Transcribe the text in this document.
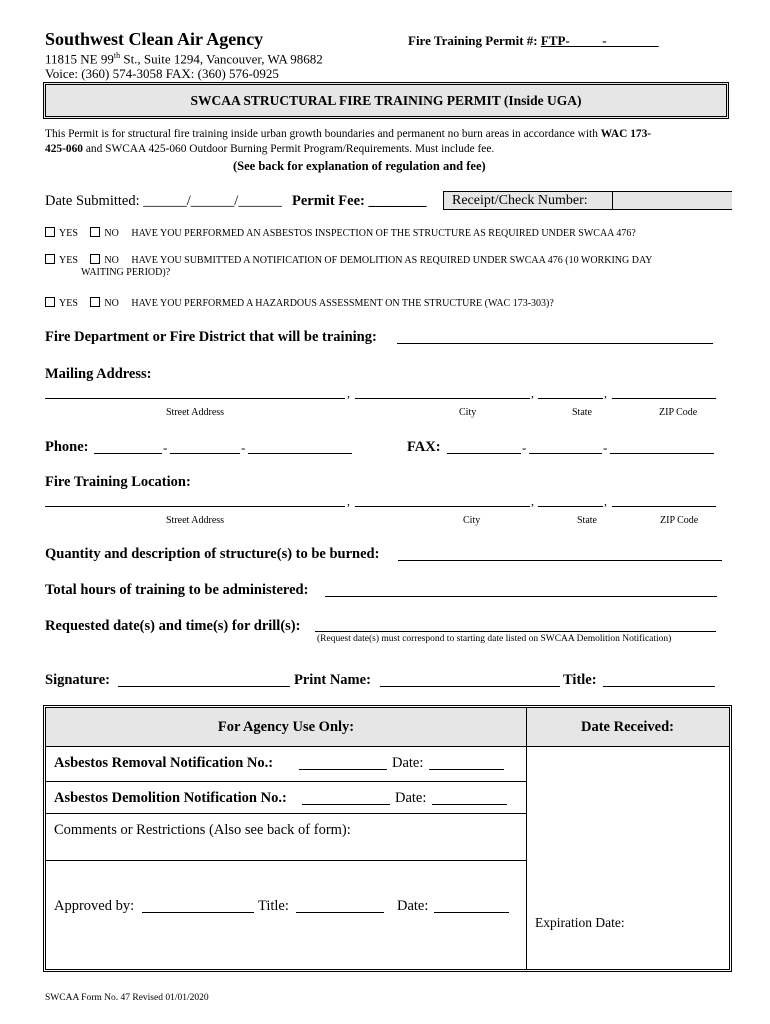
Southwest Clean Air Agency
11815 NE 99th St., Suite 1294, Vancouver, WA 98682
Voice: (360) 574-3058 FAX: (360) 576-0925
Fire Training Permit #: FTP-_____-________
SWCAA STRUCTURAL FIRE TRAINING PERMIT (Inside UGA)
This Permit is for structural fire training inside urban growth boundaries and permanent no burn areas in accordance with WAC 173-
425-060 and SWCAA 425-060 Outdoor Burning Permit Program/Requirements. Must include fee.
(See back for explanation of regulation and fee)
Date Submitted: ______/______/______ Permit Fee: ________ Receipt/Check Number:
YES	NO HAVE YOU PERFORMED AN ASBESTOS INSPECTION OF THE STRUCTURE AS REQUIRED UNDER SWCAA 476?
YES	NO HAVE YOU SUBMITTED A NOTIFICATION OF DEMOLITION AS REQUIRED UNDER SWCAA 476 (10 WORKING DAY
WAITING PERIOD)?
YES	NO HAVE YOU PERFORMED A HAZARDOUS ASSESSMENT ON THE STRUCTURE (WAC 173-303)?
Fire Department or Fire District that will be training:
Mailing Address:
,	,	,
Street Address	City	State	ZIP Code
Phone:	-	-	FAX:	-	-
Fire Training Location:
,	,	,
Street Address	City	State	ZIP Code
Quantity and description of structure(s) to be burned:
Total hours of training to be administered:
Requested date(s) and time(s) for drill(s):
(Request date(s) must correspond to starting date listed on SWCAA Demolition Notification)
Signature:	Print Name:	Title:
For Agency Use Only:	Date Received:
Asbestos Removal Notification No.:	Date:
Asbestos Demolition Notification No.:	Date:
Comments or Restrictions (Also see back of form):
Approved by:	Title:	Date:
Expiration Date:
SWCAA Form No. 47 Revised 01/01/2020
